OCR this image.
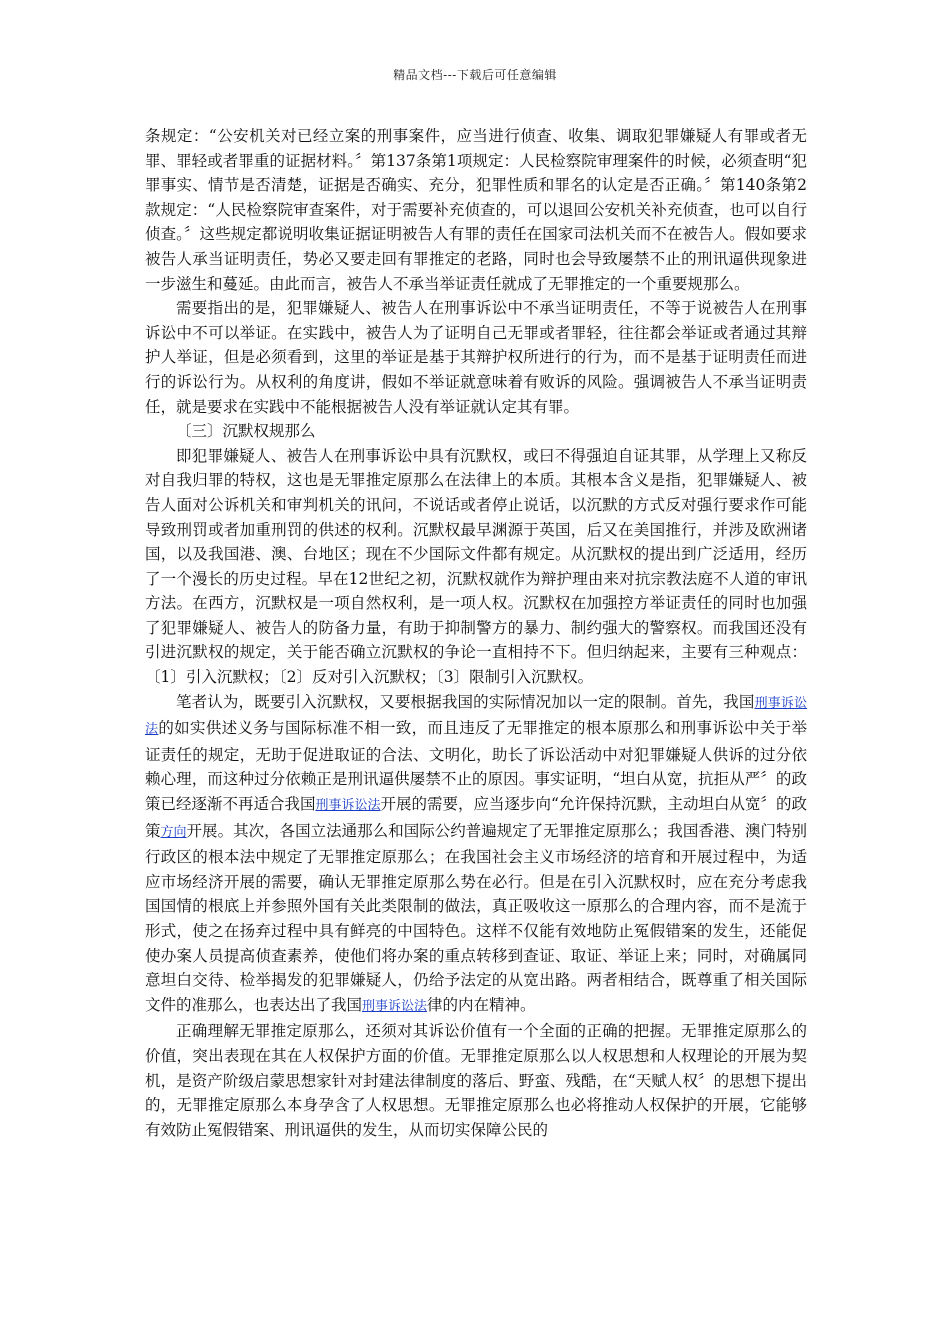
精品文档---下载后可任意编辑

条规定：“公安机关对已经立案的刑事案件，应当进行侦查、收集、调取犯罪嫌疑人有罪或者无罪、罪轻或者罪重的证据材料。〞第137条第1项规定：人民检察院审理案件的时候，必须查明“犯罪事实、情节是否清楚，证据是否确实、充分，犯罪性质和罪名的认定是否正确。〞第140条第2款规定：“人民检察院审查案件，对于需要补充侦查的，可以退回公安机关补充侦查，也可以自行侦查。〞这些规定都说明收集证据证明被告人有罪的责任在国家司法机关而不在被告人。假如要求被告人承当证明责任，势必又要走回有罪推定的老路，同时也会导致屡禁不止的刑讯逼供现象进一步滋生和蔓延。由此而言，被告人不承当举证责任就成了无罪推定的一个重要规那么。

需要指出的是，犯罪嫌疑人、被告人在刑事诉讼中不承当证明责任，不等于说被告人在刑事诉讼中不可以举证。在实践中，被告人为了证明自己无罪或者罪轻，往往都会举证或者通过其辩护人举证，但是必须看到，这里的举证是基于其辩护权所进行的行为，而不是基于证明责任而进行的诉讼行为。从权利的角度讲，假如不举证就意味着有败诉的风险。强调被告人不承当证明责任，就是要求在实践中不能根据被告人没有举证就认定其有罪。

〔三〕沉默权规那么

即犯罪嫌疑人、被告人在刑事诉讼中具有沉默权，或曰不得强迫自证其罪，从学理上又称反对自我归罪的特权，这也是无罪推定原那么在法律上的本质。其根本含义是指，犯罪嫌疑人、被告人面对公诉机关和审判机关的讯问，不说话或者停止说话，以沉默的方式反对强行要求作可能导致刑罚或者加重刑罚的供述的权利。沉默权最早渊源于英国，后又在美国推行，并涉及欧洲诸国，以及我国港、澳、台地区；现在不少国际文件都有规定。从沉默权的提出到广泛适用，经历了一个漫长的历史过程。早在12世纪之初，沉默权就作为辩护理由来对抗宗教法庭不人道的审讯方法。在西方，沉默权是一项自然权利，是一项人权。沉默权在加强控方举证责任的同时也加强了犯罪嫌疑人、被告人的防备力量，有助于抑制警方的暴力、制约强大的警察权。而我国还没有引进沉默权的规定，关于能否确立沉默权的争论一直相持不下。但归纳起来，主要有三种观点：〔1〕引入沉默权；〔2〕反对引入沉默权；〔3〕限制引入沉默权。

笔者认为，既要引入沉默权，又要根据我国的实际情况加以一定的限制。首先，我国刑事诉讼法的如实供述义务与国际标准不相一致，而且违反了无罪推定的根本原那么和刑事诉讼中关于举证责任的规定，无助于促进取证的合法、文明化，助长了诉讼活动中对犯罪嫌疑人供诉的过分依赖心理，而这种过分依赖正是刑讯逼供屡禁不止的原因。事实证明，“坦白从宽，抗拒从严〞的政策已经逐渐不再适合我国刑事诉讼法开展的需要，应当逐步向“允许保持沉默，主动坦白从宽〞的政策方向开展。其次，各国立法通那么和国际公约普遍规定了无罪推定原那么；我国香港、澳门特别行政区的根本法中规定了无罪推定原那么；在我国社会主义市场经济的培育和开展过程中，为适应市场经济开展的需要，确认无罪推定原那么势在必行。但是在引入沉默权时，应在充分考虑我国国情的根底上并参照外国有关此类限制的做法，真正吸收这一原那么的合理内容，而不是流于形式，使之在扬弃过程中具有鲜亮的中国特色。这样不仅能有效地防止冤假错案的发生，还能促使办案人员提高侦查素养，使他们将办案的重点转移到查证、取证、举证上来；同时，对确属同意坦白交待、检举揭发的犯罪嫌疑人，仍给予法定的从宽出路。两者相结合，既尊重了相关国际文件的准那么，也表达出了我国刑事诉讼法律的内在精神。

正确理解无罪推定原那么，还须对其诉讼价值有一个全面的正确的把握。无罪推定原那么的价值，突出表现在其在人权保护方面的价值。无罪推定原那么以人权思想和人权理论的开展为契机，是资产阶级启蒙思想家针对封建法律制度的落后、野蛮、残酷，在“天赋人权〞的思想下提出的，无罪推定原那么本身孕含了人权思想。无罪推定原那么也必将推动人权保护的开展，它能够有效防止冤假错案、刑讯逼供的发生，从而切实保障公民的
